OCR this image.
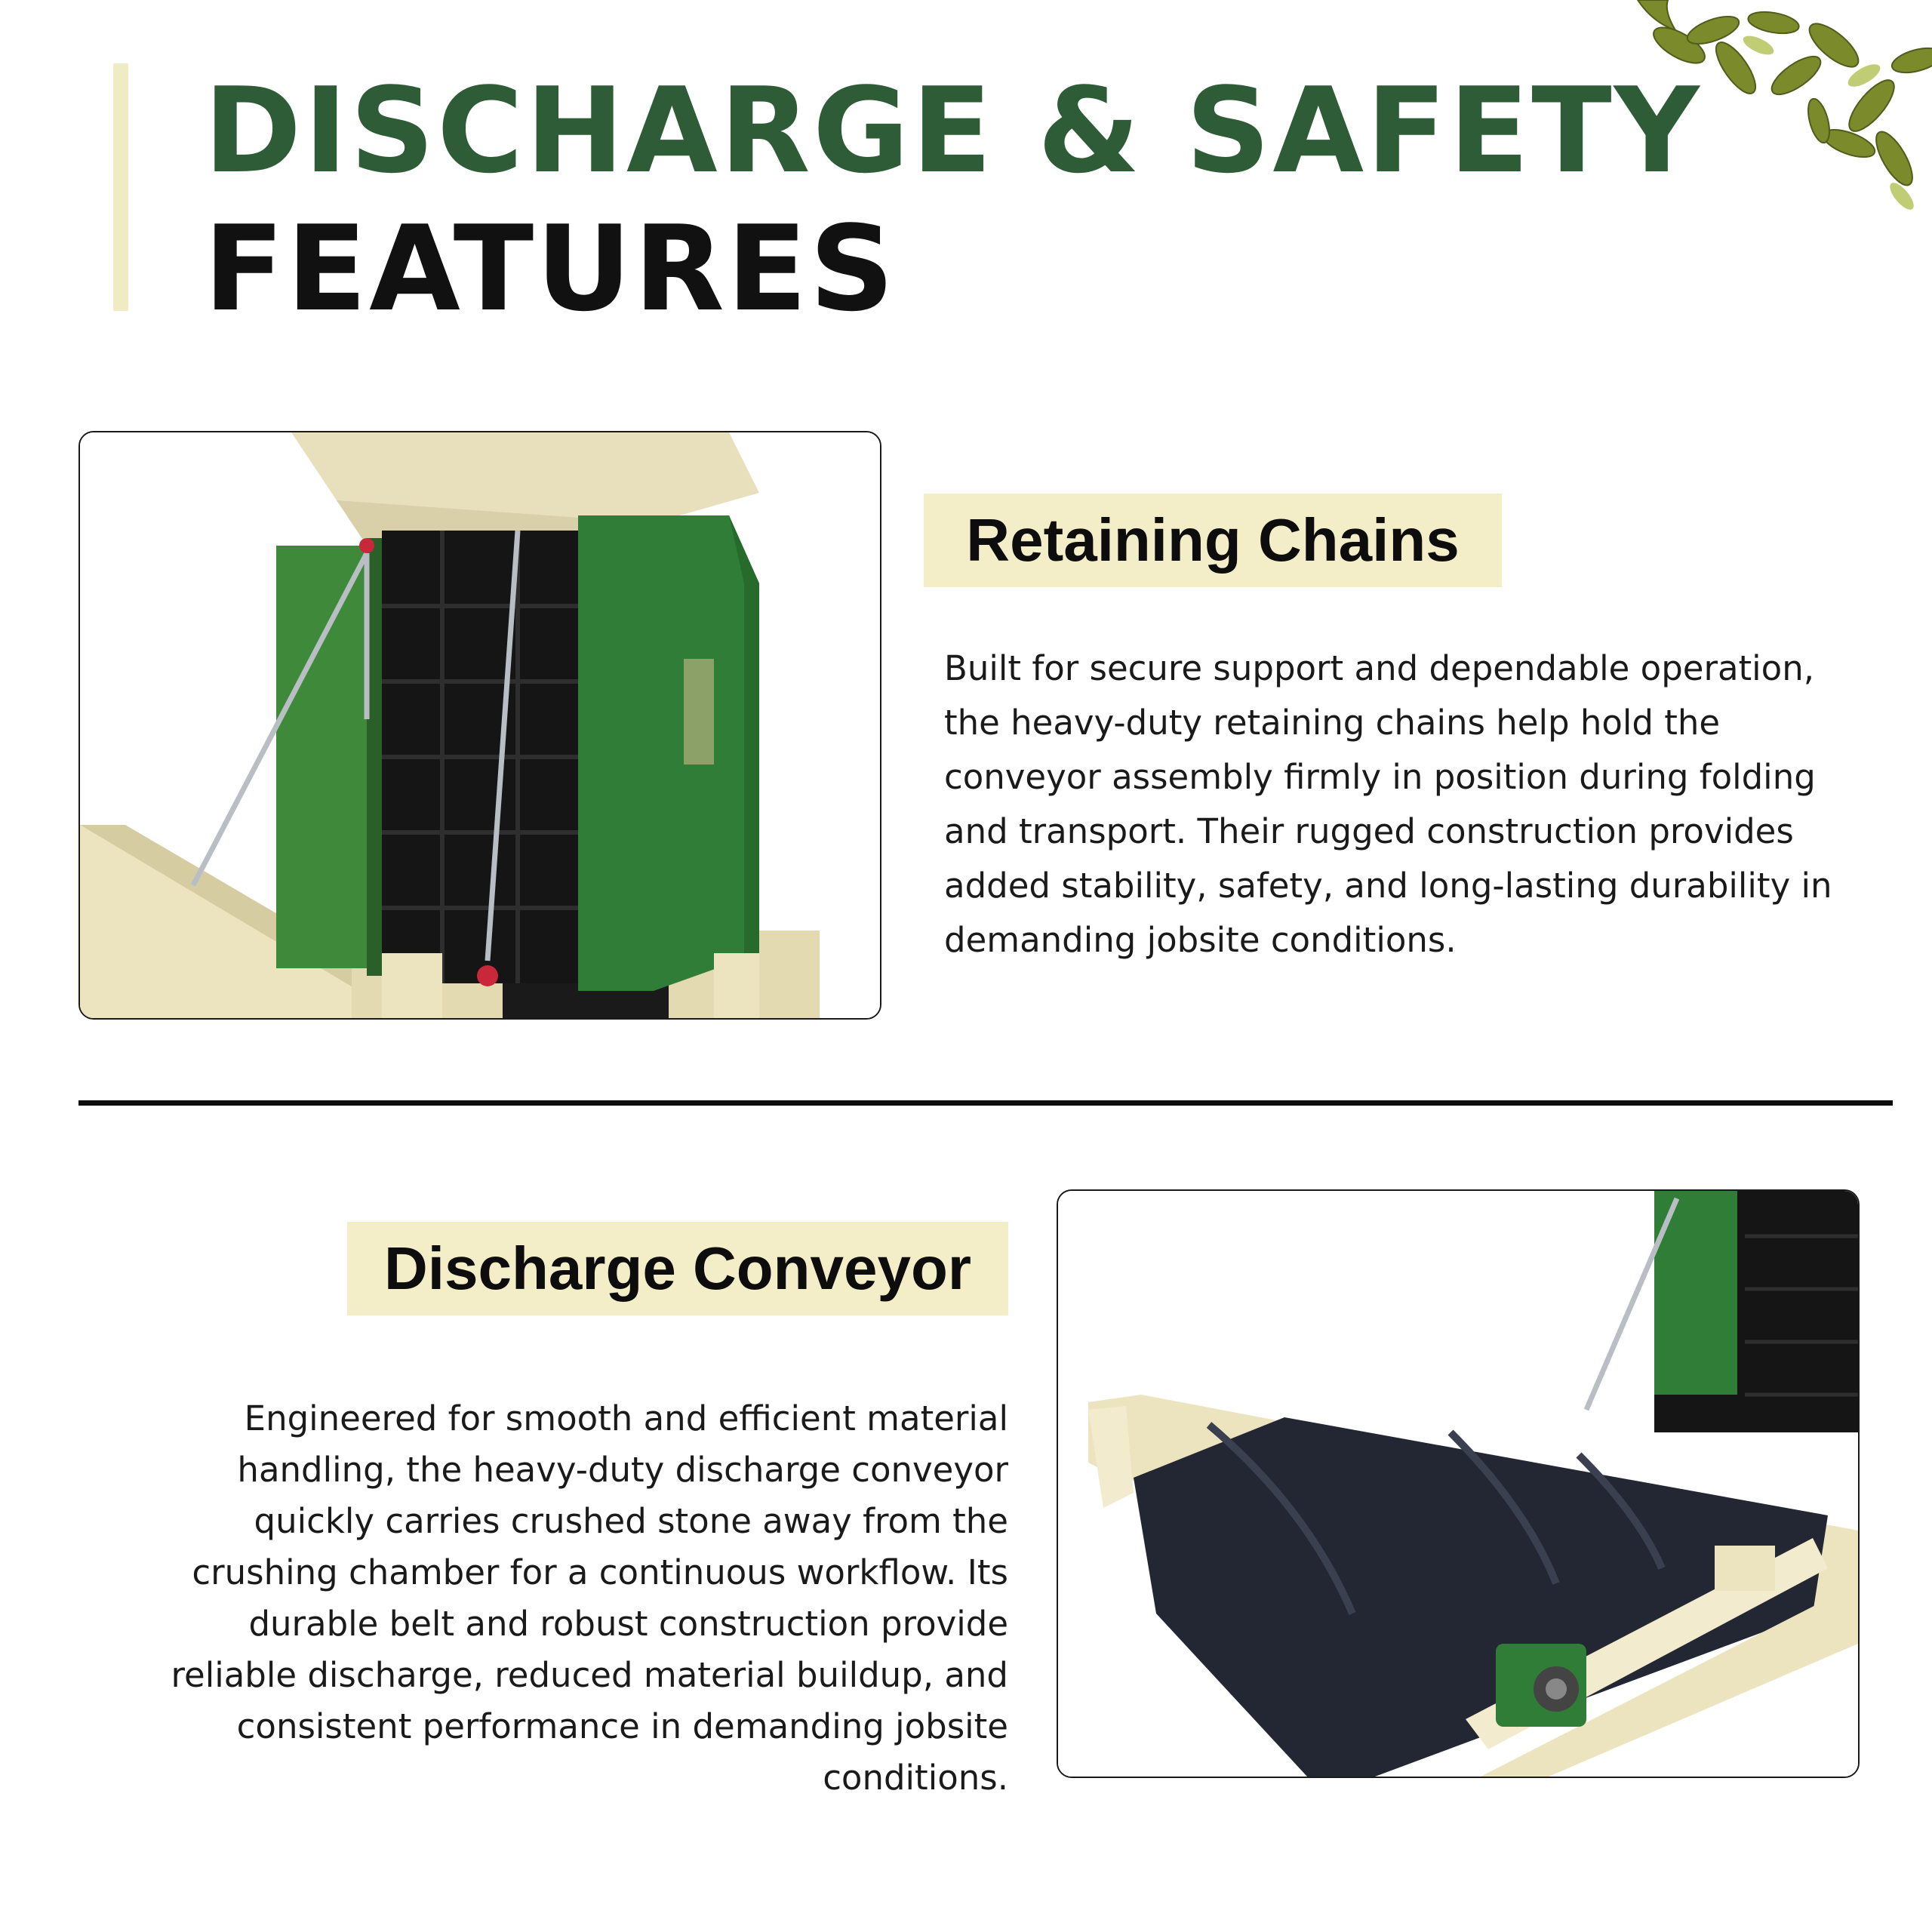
DISCHARGE & SAFETY
FEATURES
Retaining Chains

Built for secure support and dependable operation, the heavy-duty retaining chains help hold the conveyor assembly firmly in position during folding and transport. Their rugged construction provides added stability, safety, and long-lasting durability in demanding jobsite conditions.

Discharge Conveyor

Engineered for smooth and efficient material handling, the heavy-duty discharge conveyor quickly carries crushed stone away from the crushing chamber for a continuous workflow. Its durable belt and robust construction provide reliable discharge, reduced material buildup, and consistent performance in demanding jobsite conditions.
